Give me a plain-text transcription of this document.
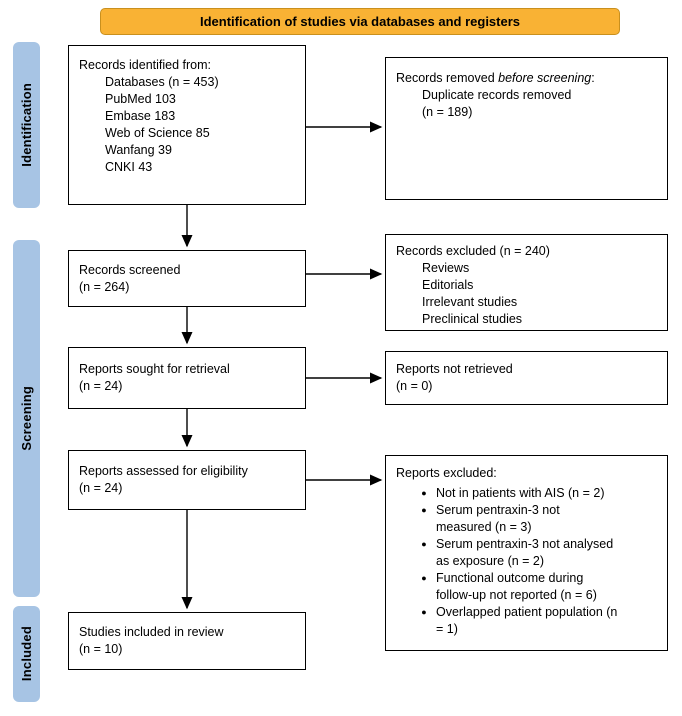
Identification of studies via databases and registers
Identification
Screening
Included
Records identified from:
Databases (n = 453)
PubMed 103
Embase 183
Web of Science 85
Wanfang 39
CNKI 43
Records screened
(n = 264)
Reports sought for retrieval
(n = 24)
Reports assessed for eligibility
(n = 24)
Studies included in review
(n = 10)
Records removed before screening:
Duplicate records removed
(n = 189)
Records excluded (n = 240)
Reviews
Editorials
Irrelevant studies
Preclinical studies
Reports not retrieved
(n = 0)
Reports excluded:
● Not in patients with AIS (n = 2)
● Serum pentraxin-3 not measured (n = 3)
● Serum pentraxin-3 not analysed as exposure (n = 2)
● Functional outcome during follow-up not reported (n = 6)
● Overlapped patient population (n = 1)
